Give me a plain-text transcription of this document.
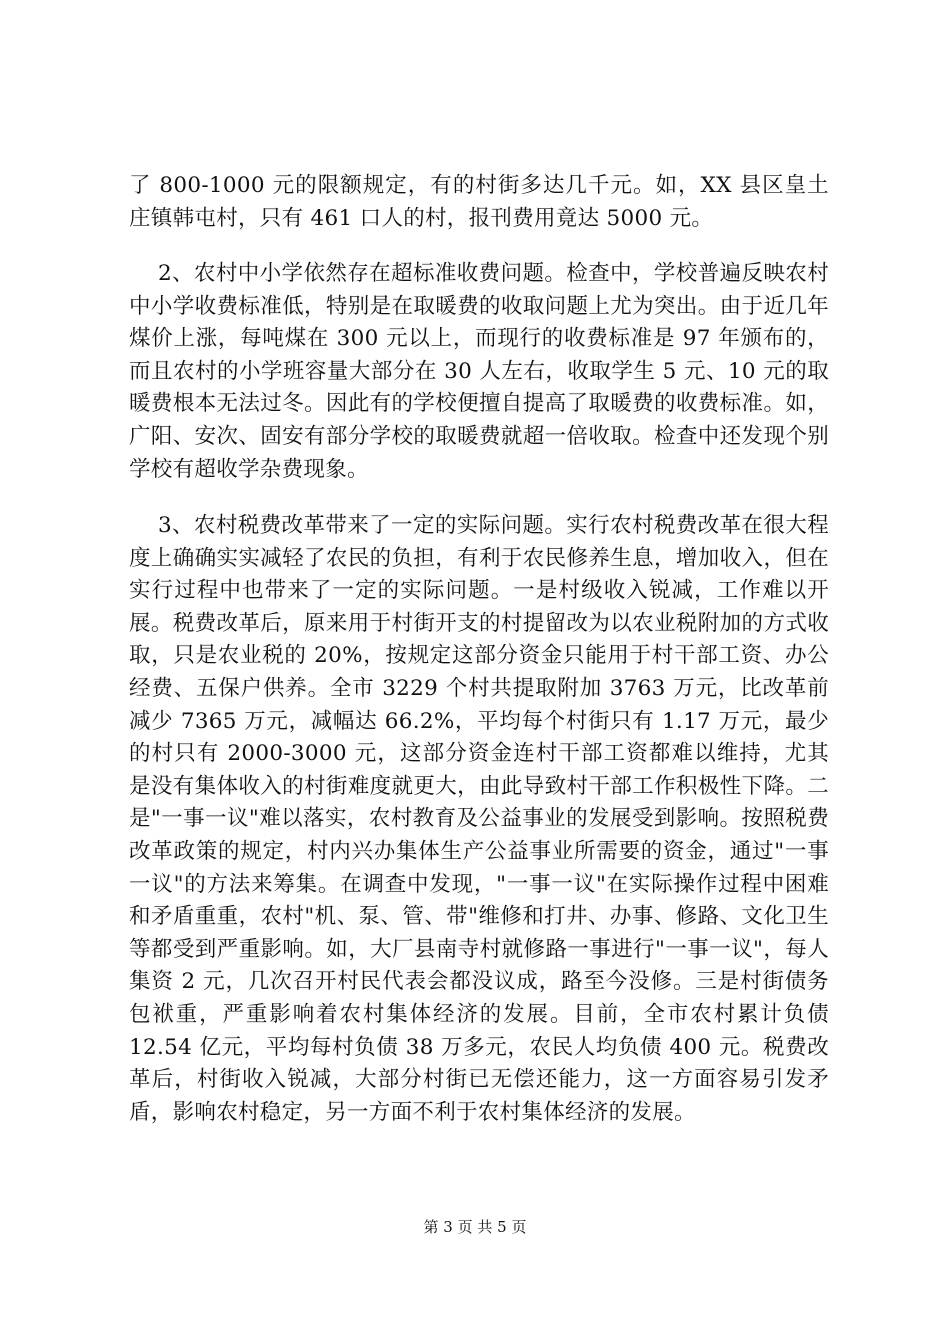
了 800-1000 元的限额规定，有的村街多达几千元。如，XX 县区皇土庄镇韩屯村，只有 461 口人的村，报刊费用竟达 5000 元。

2、农村中小学依然存在超标准收费问题。检查中，学校普遍反映农村中小学收费标准低，特别是在取暖费的收取问题上尤为突出。由于近几年煤价上涨，每吨煤在 300 元以上，而现行的收费标准是 97 年颁布的，而且农村的小学班容量大部分在 30 人左右，收取学生 5 元、10 元的取暖费根本无法过冬。因此有的学校便擅自提高了取暖费的收费标准。如，广阳、安次、固安有部分学校的取暖费就超一倍收取。检查中还发现个别学校有超收学杂费现象。

3、农村税费改革带来了一定的实际问题。实行农村税费改革在很大程度上确确实实减轻了农民的负担，有利于农民修养生息，增加收入，但在实行过程中也带来了一定的实际问题。一是村级收入锐减，工作难以开展。税费改革后，原来用于村街开支的村提留改为以农业税附加的方式收取，只是农业税的 20%，按规定这部分资金只能用于村干部工资、办公经费、五保户供养。全市 3229 个村共提取附加 3763 万元，比改革前减少 7365 万元，减幅达 66.2%，平均每个村街只有 1.17 万元，最少的村只有 2000-3000 元，这部分资金连村干部工资都难以维持，尤其是没有集体收入的村街难度就更大，由此导致村干部工作积极性下降。二是"一事一议"难以落实，农村教育及公益事业的发展受到影响。按照税费改革政策的规定，村内兴办集体生产公益事业所需要的资金，通过"一事一议"的方法来筹集。在调查中发现，"一事一议"在实际操作过程中困难和矛盾重重，农村"机、泵、管、带"维修和打井、办事、修路、文化卫生等都受到严重影响。如，大厂县南寺村就修路一事进行"一事一议"，每人集资 2 元，几次召开村民代表会都没议成，路至今没修。三是村街债务包袱重，严重影响着农村集体经济的发展。目前，全市农村累计负债 12.54 亿元，平均每村负债 38 万多元，农民人均负债 400 元。税费改革后，村街收入锐减，大部分村街已无偿还能力，这一方面容易引发矛盾，影响农村稳定，另一方面不利于农村集体经济的发展。

第 3 页 共 5 页
